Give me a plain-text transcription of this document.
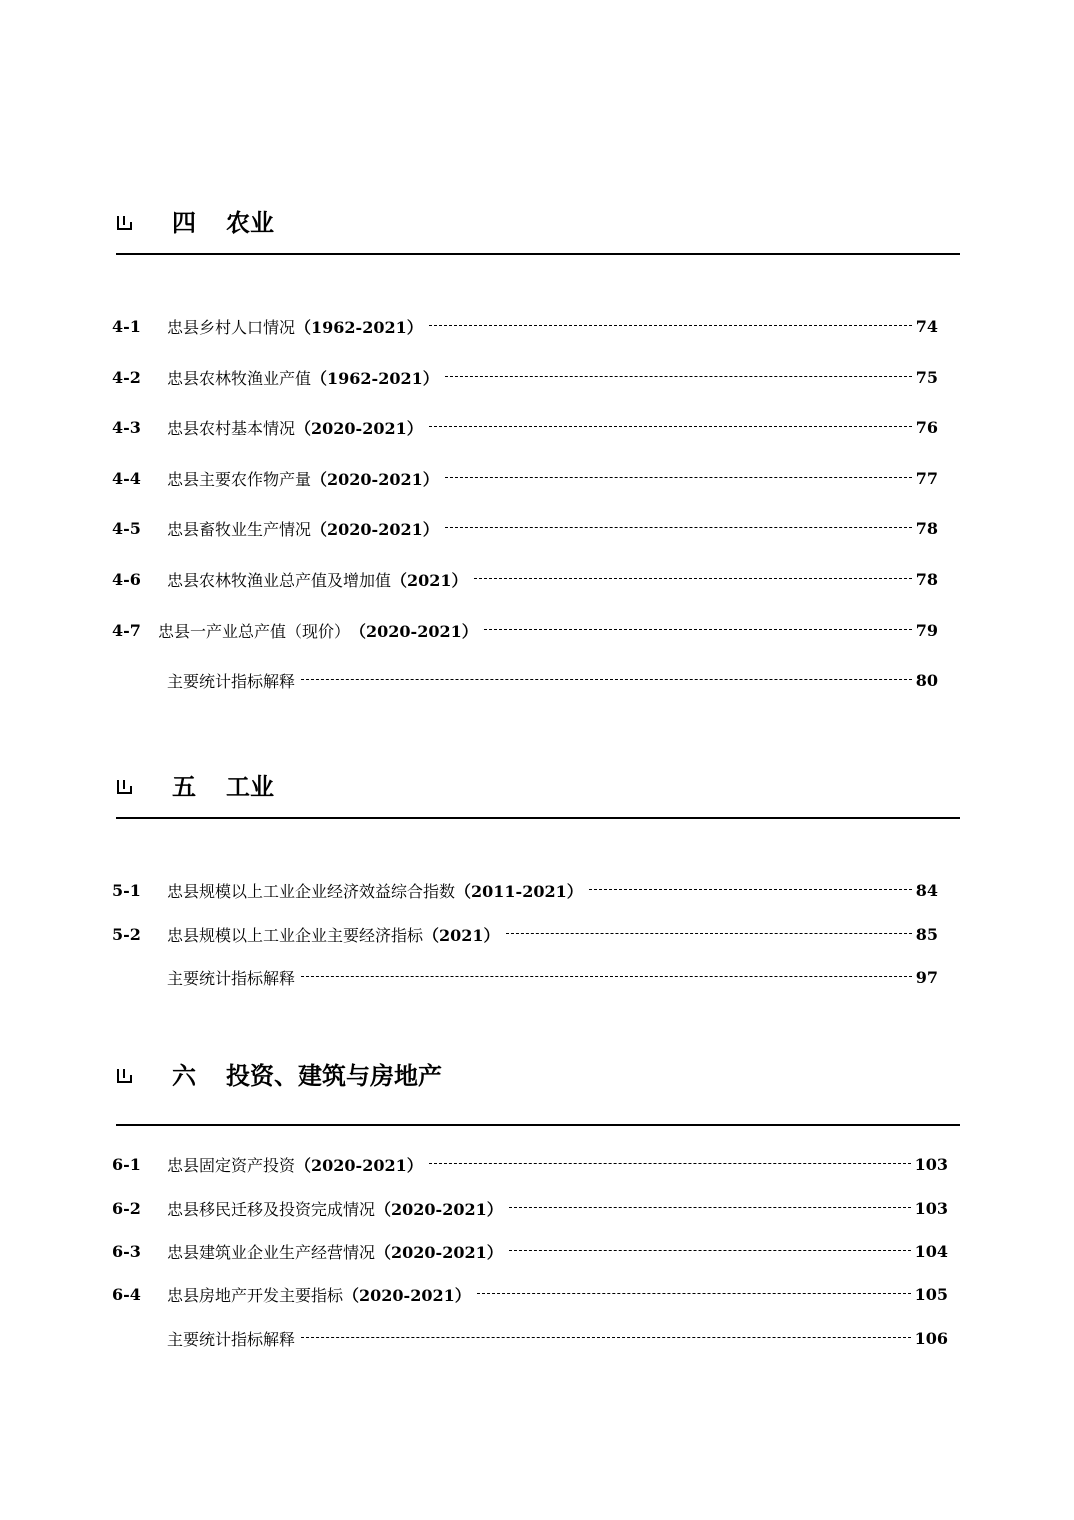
四 农业
4-1	忠县乡村人口情况 （1962-2021）	74
4-2	忠县农林牧渔业产值 （1962-2021）	75
4-3	忠县农村基本情况 （2020-2021）	76
4-4	忠县主要农作物产量 （2020-2021）	77
4-5	忠县畜牧业生产情况 （2020-2021）	78
4-6	忠县农林牧渔业总产值及增加值 （2021）	78
4-7	忠县一产业总产值（现价） （2020-2021）	79
主要统计指标解释	80
五 工业
5-1	忠县规模以上工业企业经济效益综合指数 （2011-2021）	84
5-2	忠县规模以上工业企业主要经济指标 （2021）	85
主要统计指标解释	97
六 投资、建筑与房地产
6-1	忠县固定资产投资 （2020-2021）	103
6-2	忠县移民迁移及投资完成情况 （2020-2021）	103
6-3	忠县建筑业企业生产经营情况 （2020-2021）	104
6-4	忠县房地产开发主要指标 （2020-2021）	105
主要统计指标解释	106
